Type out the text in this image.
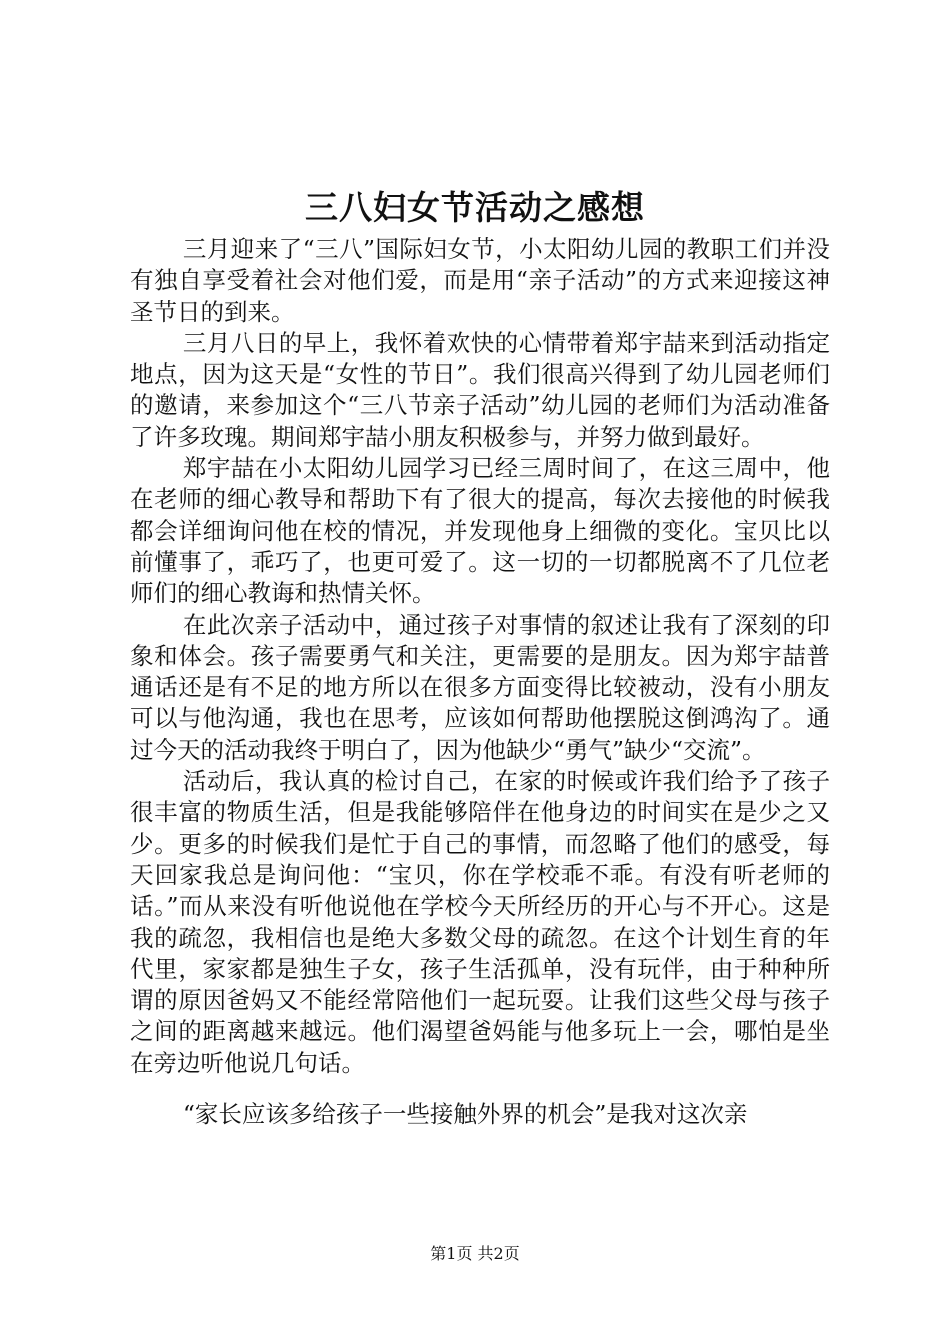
三八妇女节活动之感想

三月迎来了“三八”国际妇女节，小太阳幼儿园的教职工们并没有独自享受着社会对他们爱，而是用“亲子活动”的方式来迎接这神圣节日的到来。

三月八日的早上，我怀着欢快的心情带着郑宇喆来到活动指定地点，因为这天是“女性的节日”。我们很高兴得到了幼儿园老师们的邀请，来参加这个“三八节亲子活动”幼儿园的老师们为活动准备了许多玫瑰。期间郑宇喆小朋友积极参与，并努力做到最好。

郑宇喆在小太阳幼儿园学习已经三周时间了，在这三周中，他在老师的细心教导和帮助下有了很大的提高，每次去接他的时候我都会详细询问他在校的情况，并发现他身上细微的变化。宝贝比以前懂事了，乖巧了，也更可爱了。这一切的一切都脱离不了几位老师们的细心教诲和热情关怀。

在此次亲子活动中，通过孩子对事情的叙述让我有了深刻的印象和体会。孩子需要勇气和关注，更需要的是朋友。因为郑宇喆普通话还是有不足的地方所以在很多方面变得比较被动，没有小朋友可以与他沟通，我也在思考，应该如何帮助他摆脱这倒鸿沟了。通过今天的活动我终于明白了，因为他缺少“勇气”缺少“交流”。

活动后，我认真的检讨自己，在家的时候或许我们给予了孩子很丰富的物质生活，但是我能够陪伴在他身边的时间实在是少之又少。更多的时候我们是忙于自己的事情，而忽略了他们的感受，每天回家我总是询问他：“宝贝，你在学校乖不乖。有没有听老师的话。”而从来没有听他说他在学校今天所经历的开心与不开心。这是我的疏忽，我相信也是绝大多数父母的疏忽。在这个计划生育的年代里，家家都是独生子女，孩子生活孤单，没有玩伴，由于种种所谓的原因爸妈又不能经常陪他们一起玩耍。让我们这些父母与孩子之间的距离越来越远。他们渴望爸妈能与他多玩上一会，哪怕是坐在旁边听他说几句话。

“家长应该多给孩子一些接触外界的机会”是我对这次亲

第1页 共2页
